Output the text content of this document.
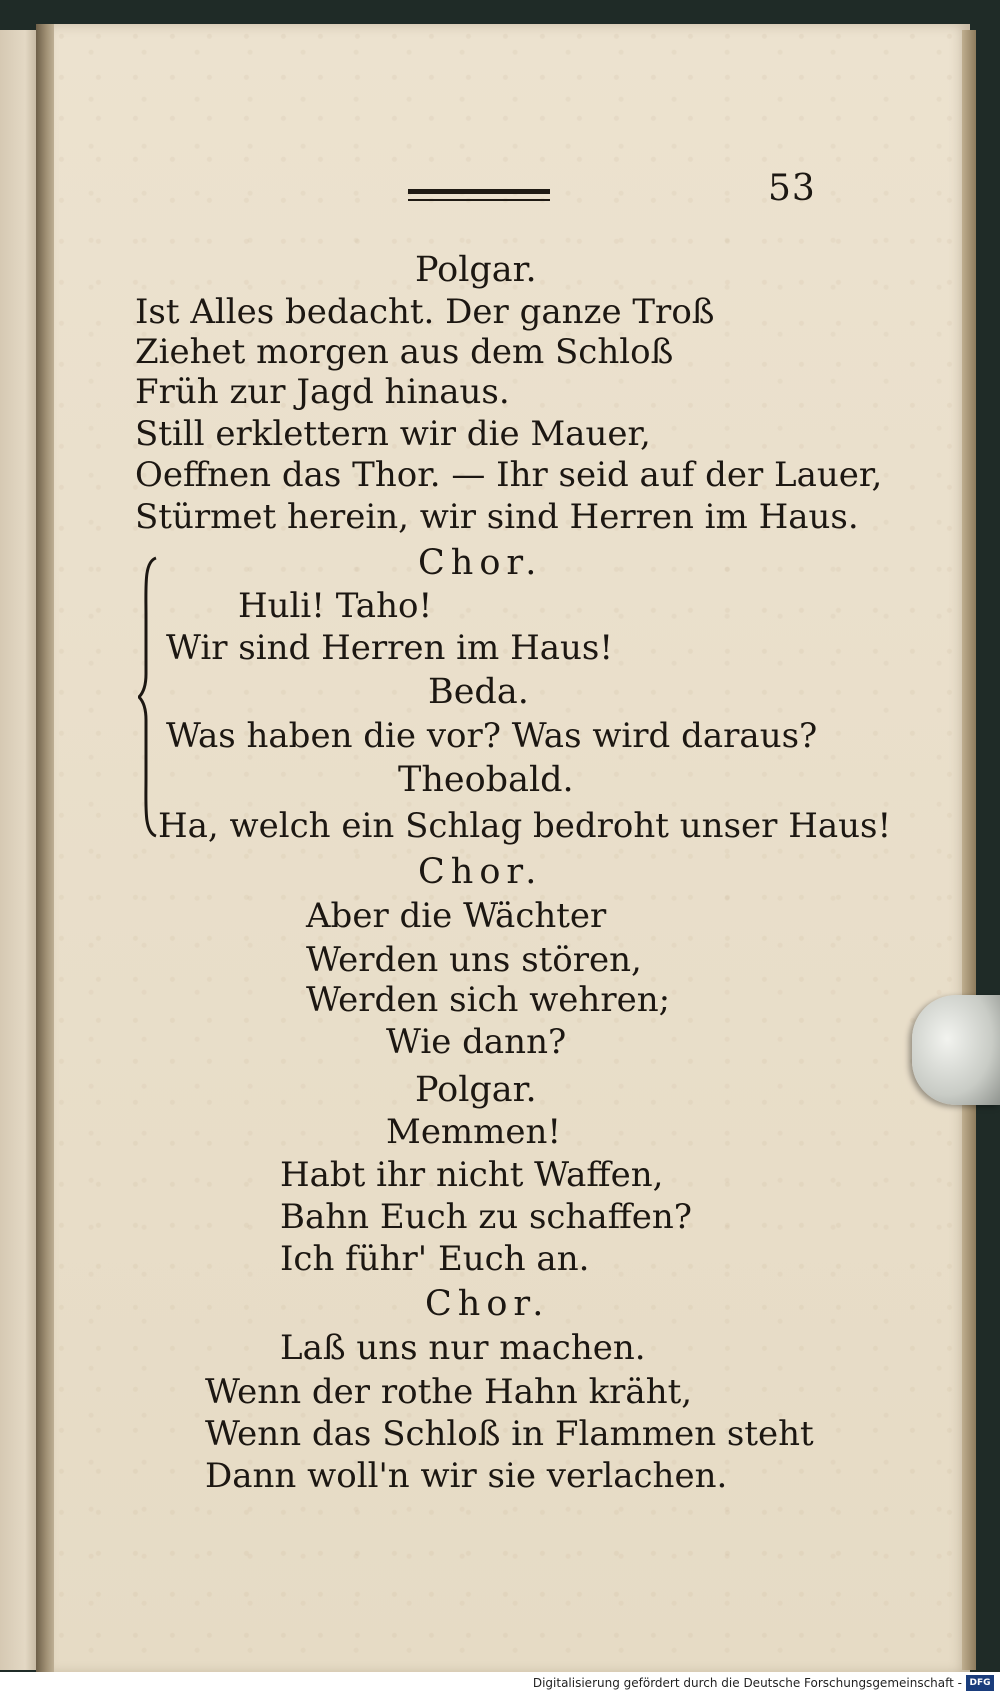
53
Polgar.
Ist Alles bedacht. Der ganze Troß
Ziehet morgen aus dem Schloß
Früh zur Jagd hinaus.
Still erklettern wir die Mauer,
Oeffnen das Thor. — Ihr seid auf der Lauer,
Stürmet herein, wir sind Herren im Haus.
Chor.
Huli! Taho!
Wir sind Herren im Haus!
Beda.
Was haben die vor? Was wird daraus?
Theobald.
Ha, welch ein Schlag bedroht unser Haus!
Chor.
Aber die Wächter
Werden uns stören,
Werden sich wehren;
Wie dann?
Polgar.
Memmen!
Habt ihr nicht Waffen,
Bahn Euch zu schaffen?
Ich führ' Euch an.
Chor.
Laß uns nur machen.
Wenn der rothe Hahn kräht,
Wenn das Schloß in Flammen steht
Dann woll'n wir sie verlachen.
Digitalisierung gefördert durch die Deutsche Forschungsgemeinschaft - DFG
